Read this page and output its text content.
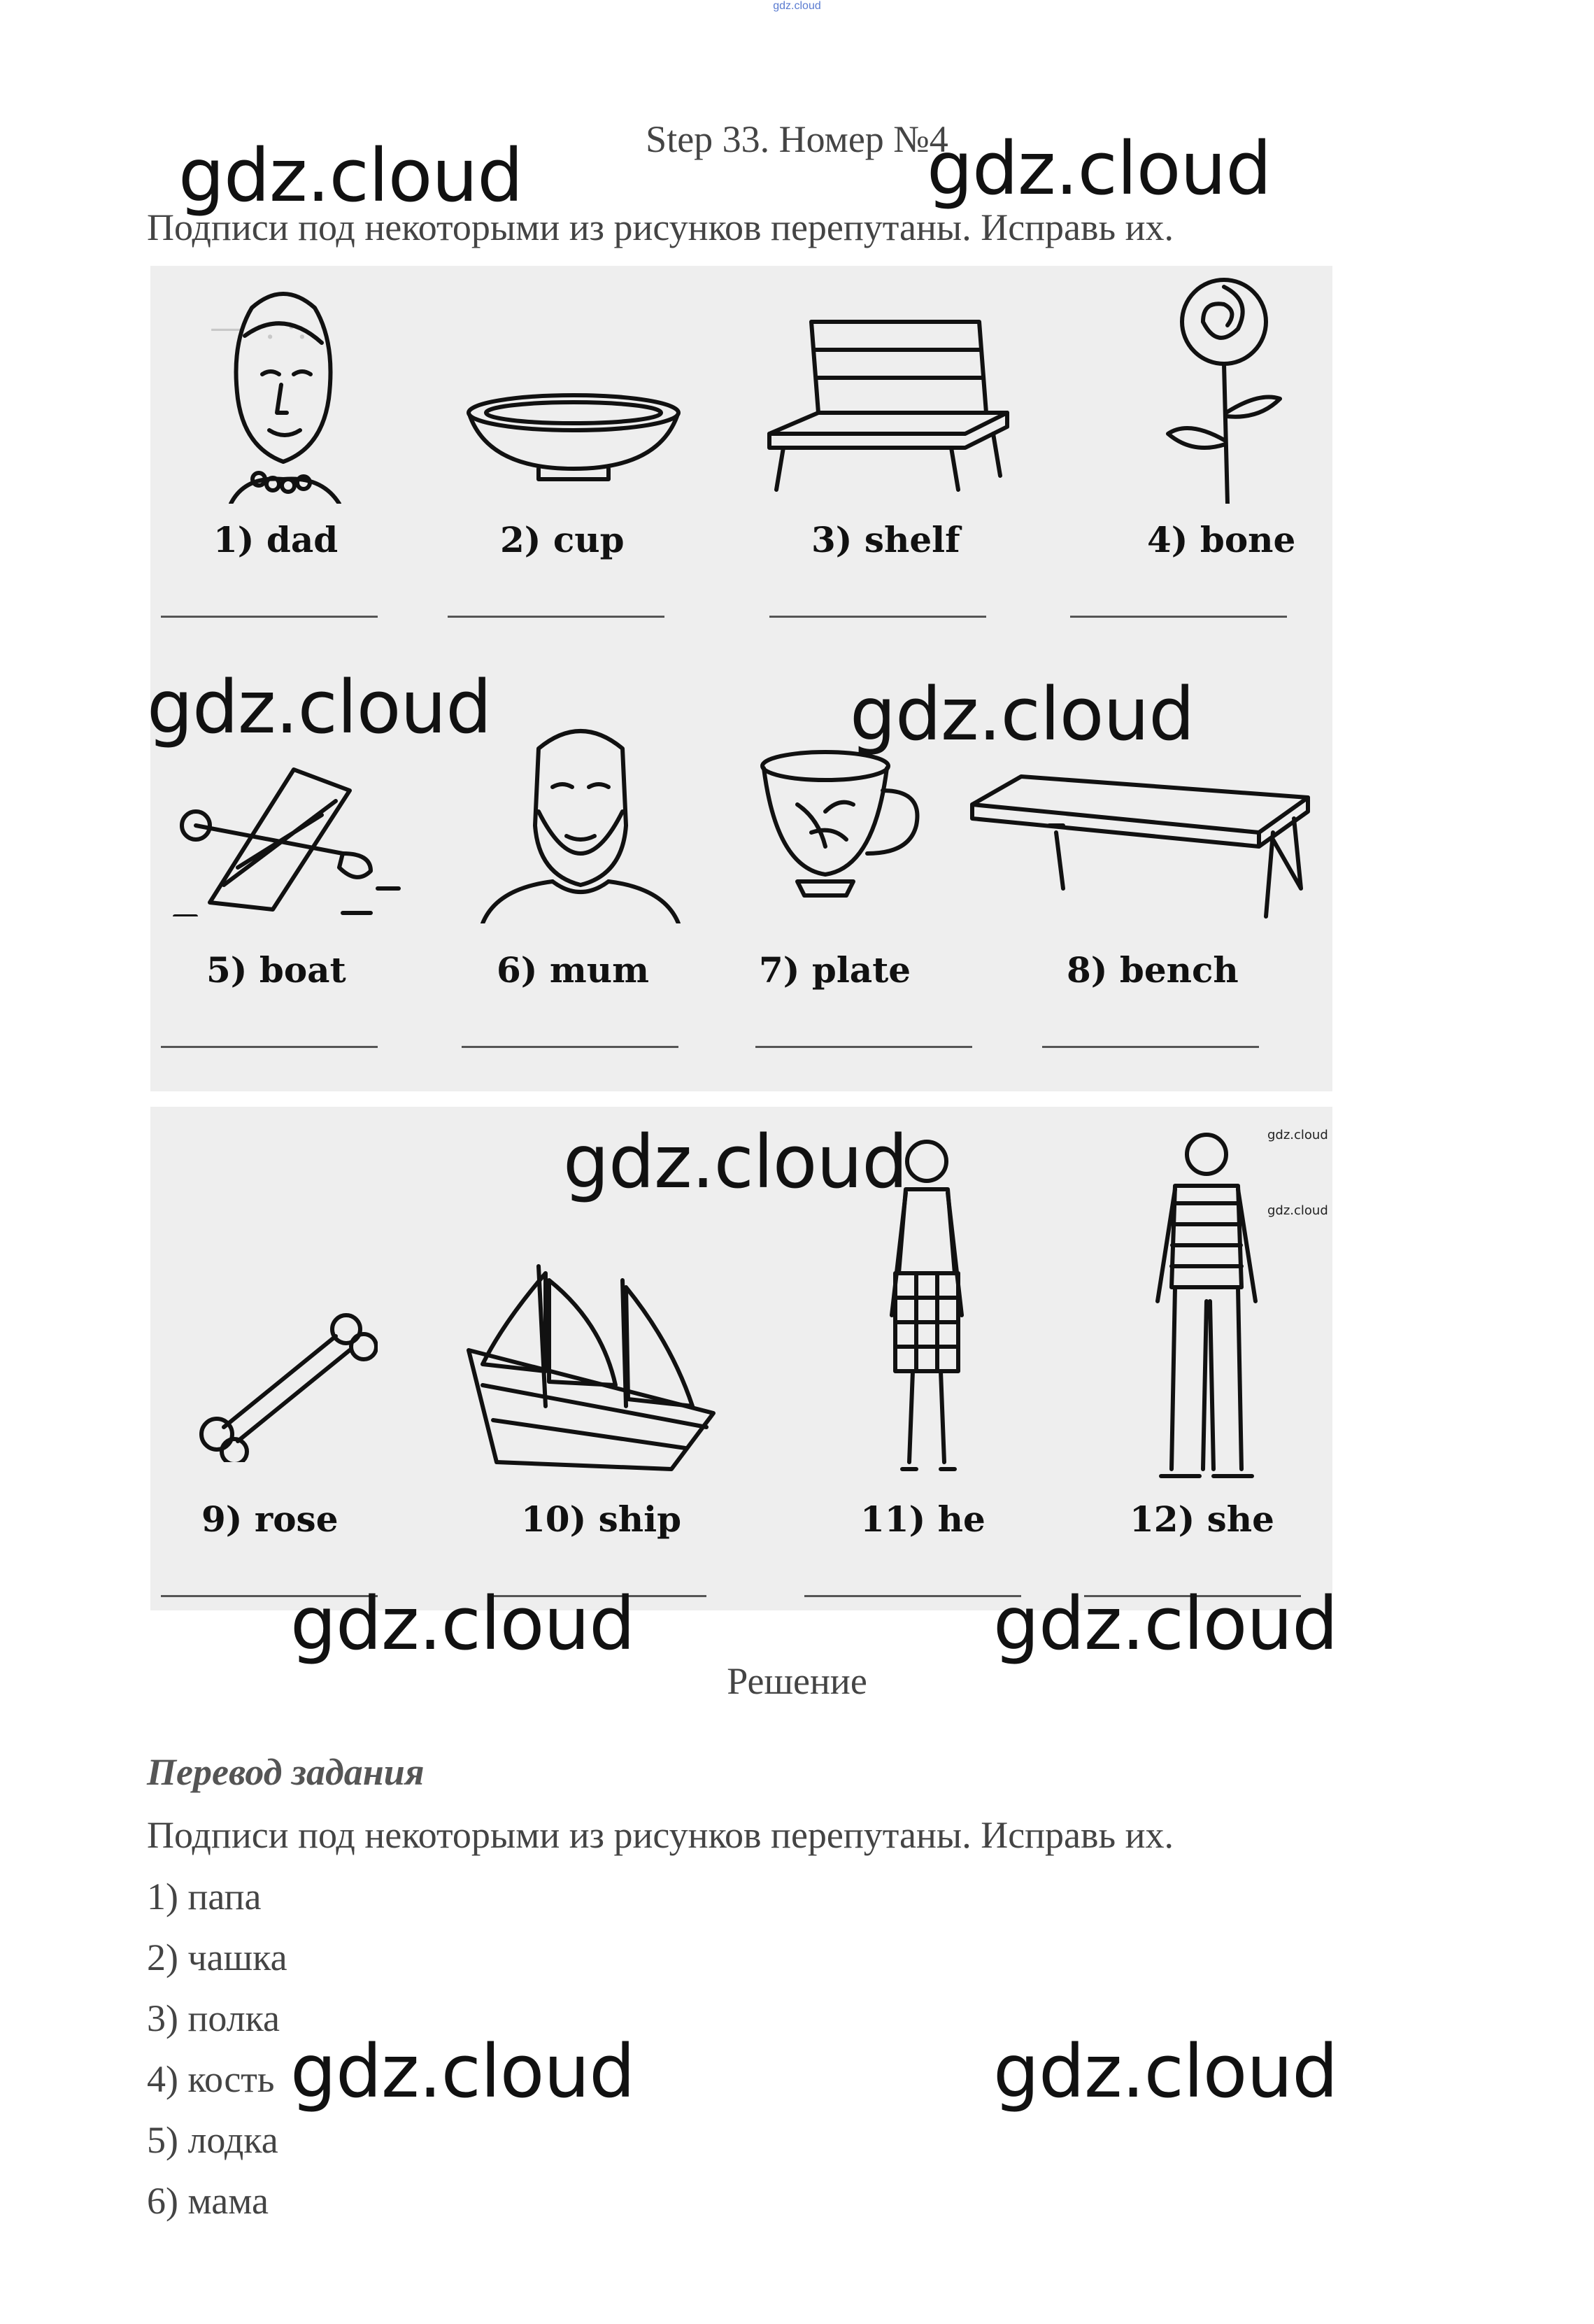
gdz.cloud
Step 33. Номер №4
Подписи под некоторыми из рисунков перепутаны. Исправь их.
— ·. ·. ·
1) dad	2) cup	3) shelf	4) bone
5) boat	6) mum	7) plate	8) bench
9) rose	10) ship	11) he	12) she
gdz.cloud	gdz.cloud
gdz.cloud	gdz.cloud
gdz.cloud
gdz.cloud	gdz.cloud
gdz.cloud	gdz.cloud
gdz.cloud
gdz.cloud
Решение
Перевод задания
Подписи под некоторыми из рисунков перепутаны. Исправь их.
1) папа
2) чашка
3) полка
4) кость
5) лодка
6) мама
